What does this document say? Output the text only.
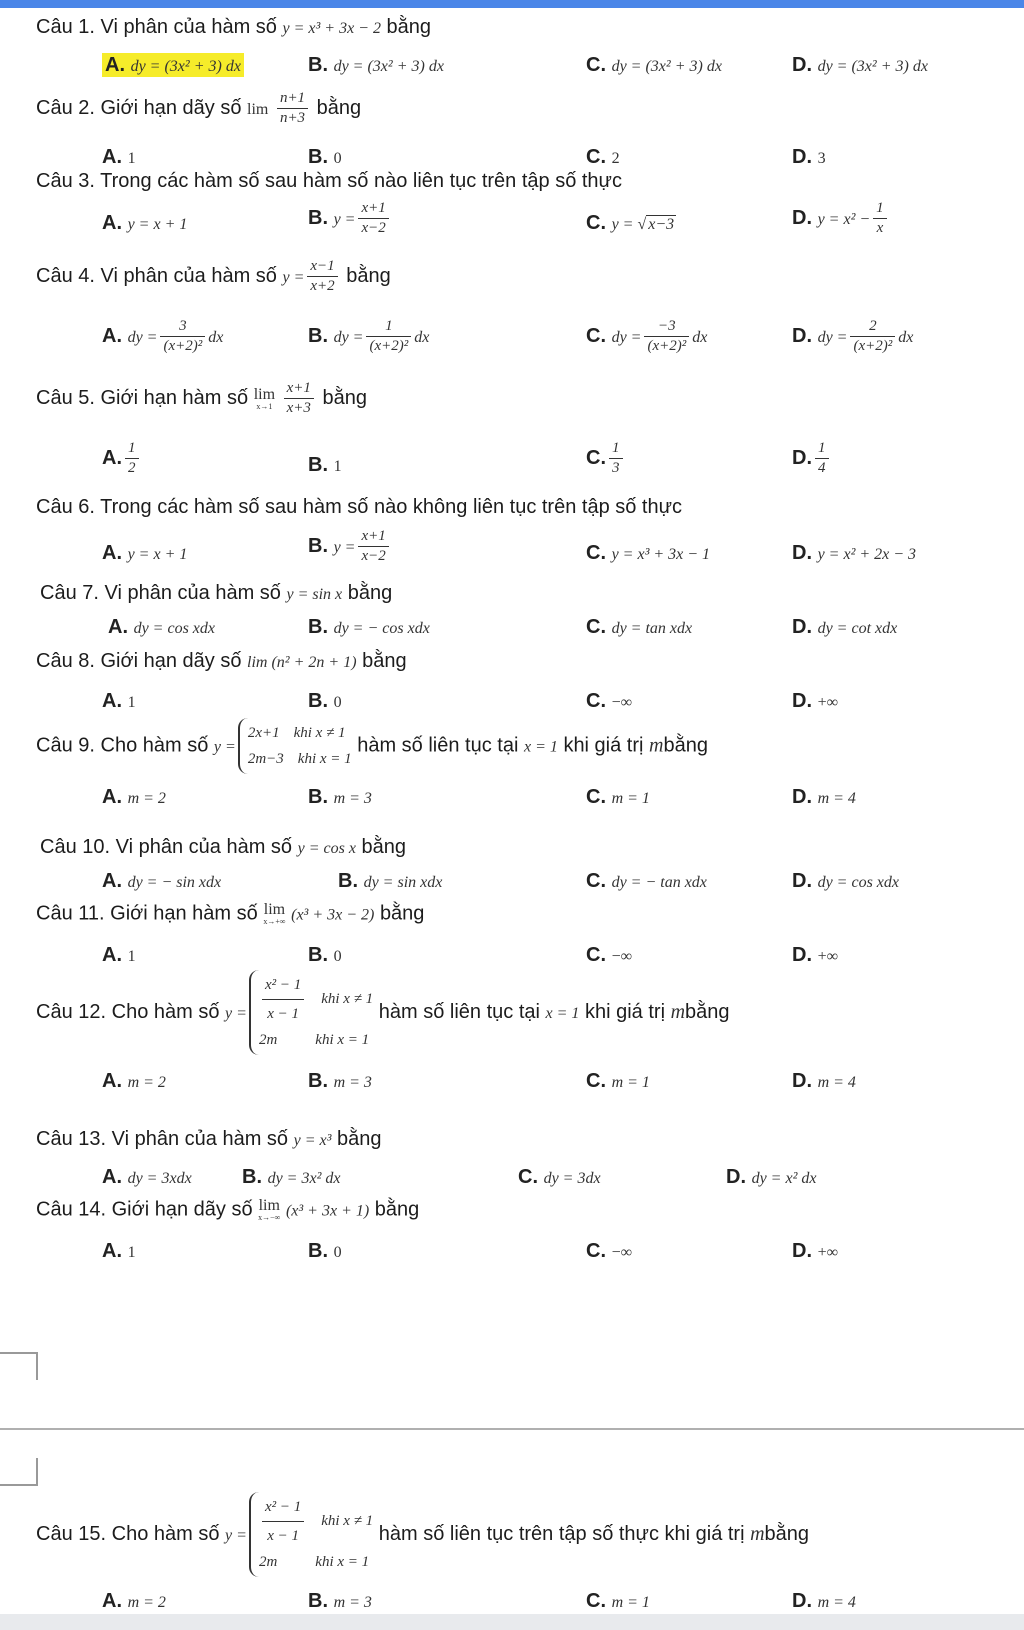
Câu 1. Vi phân của hàm số y = x³ + 3x − 2 bằng
A. dy = (3x² + 3) dx	B. dy = (3x² + 3) dx	C. dy = (3x² + 3) dx	D. dy = (3x² + 3) dx
Câu 2. Giới hạn dãy số $\lim \frac{n+1}{n+3}$ bằng
A. 1	B. 0	C. 2	D. 3
Câu 3. Trong các hàm số sau hàm số nào liên tục trên tập số thực
A. y = x + 1	B. $y = \frac{x+1}{x-2}$	C. y = √ x−3	D. $y = x^2 - \frac{1}{x}$
Câu 4. Vi phân của hàm số $y = \frac{x-1}{x+2}$ bằng
A. dy = $\frac{3}{\text{(x+2)²}}$ dx	B. dy = $\frac{1}{\text{(x+2)²}}$ dx	C. dy = $\frac{-3}{\text{(x+2)²}}$ dx	D. dy = $\frac{2}{\text{(x+2)²}}$ dx
Câu 5. Giới hạn hàm số lim
x→1
$\frac{x+1}{x+3}$ bằng
A. $\frac{1}{2}$	B. 1	C. $\frac{1}{3}$	D. $\frac{1}{4}$
Câu 6. Trong các hàm số sau hàm số nào không liên tục trên tập số thực
A. y = x + 1	B. $y = \frac{x+1}{x-2}$	C. y = x³ + 3x − 1	D. y = x² + 2x − 3
Câu 7. Vi phân của hàm số y = sin x bằng
A. dy = cos xdx	B. dy = − cos xdx	C. dy = tan xdx	D. dy = cot xdx
Câu 8. Giới hạn dãy số lim (n² + 2n + 1) bằng
A. 1	B. 0	C. −∞	D. +∞
Câu 9. Cho hàm số y =
2x+1 khi x ≠ 1
2m−3 khi x = 1
hàm số liên tục tại x = 1 khi giá trị mbằng
A. m = 2	B. m = 3	C. m = 1	D. m = 4
Câu 10. Vi phân của hàm số y = cos x bằng
A. dy = − sin xdx	B. dy = sin xdx	C. dy = − tan xdx	D. dy = cos xdx
Câu 11. Giới hạn hàm số lim
x→+∞ (x³ + 3x − 2) bằng
A. 1	B. 0	C. −∞	D. +∞
Câu 12. Cho hàm số $y = \frac{\text{x² − 1}}{x - 1}$ khi x ≠ 1
2m	khi x = 1
hàm số liên tục tại x = 1 khi giá trị mbằng
A. m = 2	B. m = 3	C. m = 1	D. m = 4
Câu 13. Vi phân của hàm số y = x³ bằng
A. dy = 3xdx	B. dy = 3x² dx	C. dy = 3dx	D. dy = x² dx
Câu 14. Giới hạn dãy số lim
x→−∞ (x³ + 3x + 1) bằng
A. 1	B. 0	C. −∞	D. +∞
Câu 15. Cho hàm số $y = \frac{\text{x² − 1}}{x - 1}$ khi x ≠ 1
2m	khi x = 1
hàm số liên tục trên tập số thực khi giá trị mbằng
A. m = 2	B. m = 3	C. m = 1	D. m = 4
